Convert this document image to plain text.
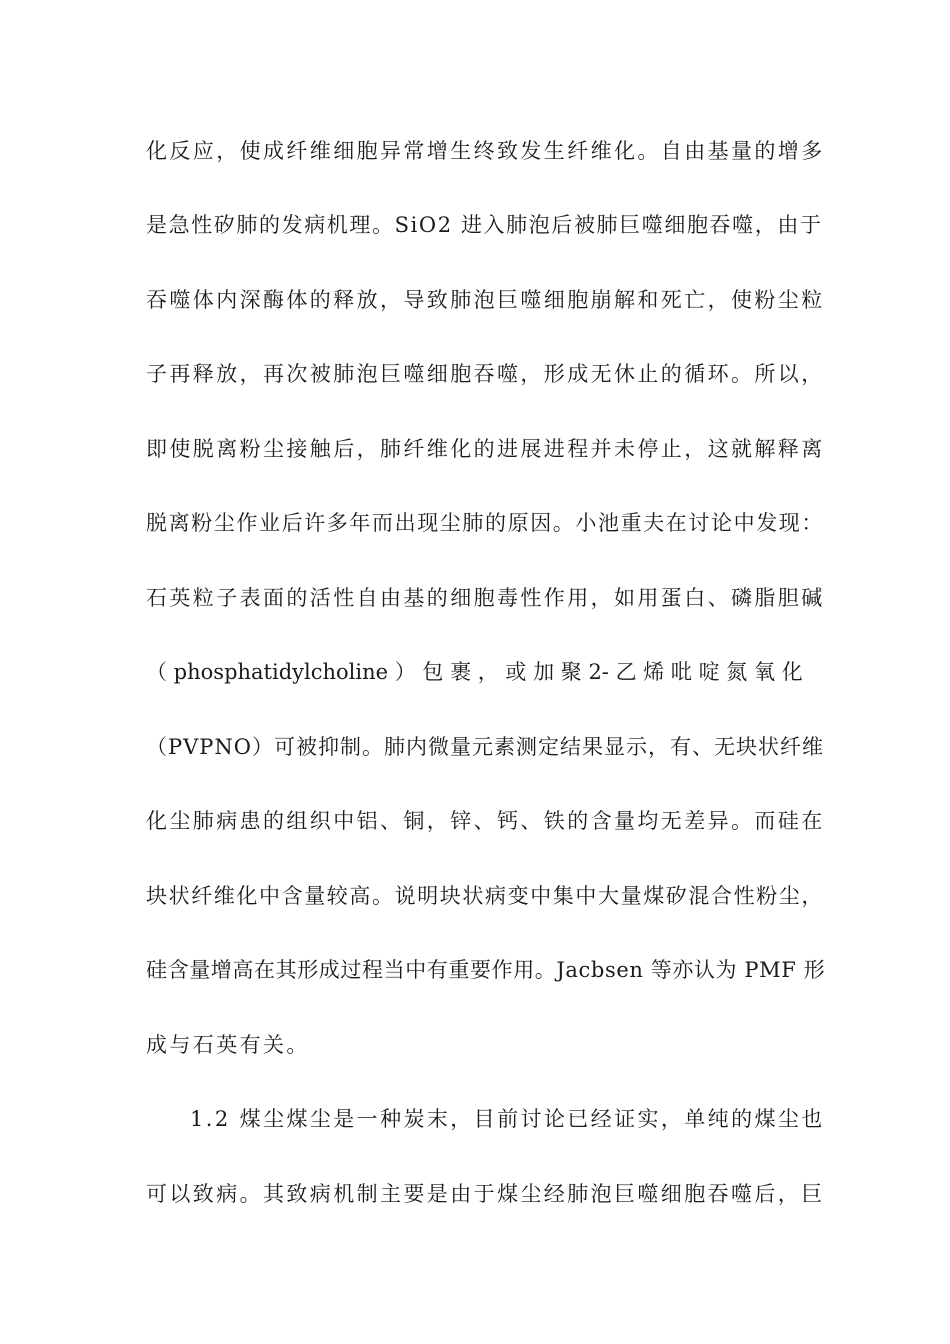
化反应，使成纤维细胞异常增生终致发生纤维化。自由基量的增多
是急性矽肺的发病机理。SiO2 进入肺泡后被肺巨噬细胞吞噬，由于
吞噬体内深酶体的释放，导致肺泡巨噬细胞崩解和死亡，使粉尘粒
子再释放，再次被肺泡巨噬细胞吞噬，形成无休止的循环。所以，
即使脱离粉尘接触后，肺纤维化的进展进程并未停止，这就解释离
脱离粉尘作业后许多年而出现尘肺的原因。小池重夫在讨论中发现：
石英粒子表面的活性自由基的细胞毒性作用，如用蛋白、磷脂胆碱
（ phosphatidylcholine ） 包 裹 ， 或 加 聚 2- 乙 烯 吡 啶 氮 氧 化
（PVPNO）可被抑制。肺内微量元素测定结果显示，有、无块状纤维
化尘肺病患的组织中铝、铜，锌、钙、铁的含量均无差异。而硅在
块状纤维化中含量较高。说明块状病变中集中大量煤矽混合性粉尘，
硅含量增高在其形成过程当中有重要作用。Jacbsen 等亦认为 PMF 形
成与石英有关。
1.2 煤尘煤尘是一种炭末，目前讨论已经证实，单纯的煤尘也
可以致病。其致病机制主要是由于煤尘经肺泡巨噬细胞吞噬后，巨
